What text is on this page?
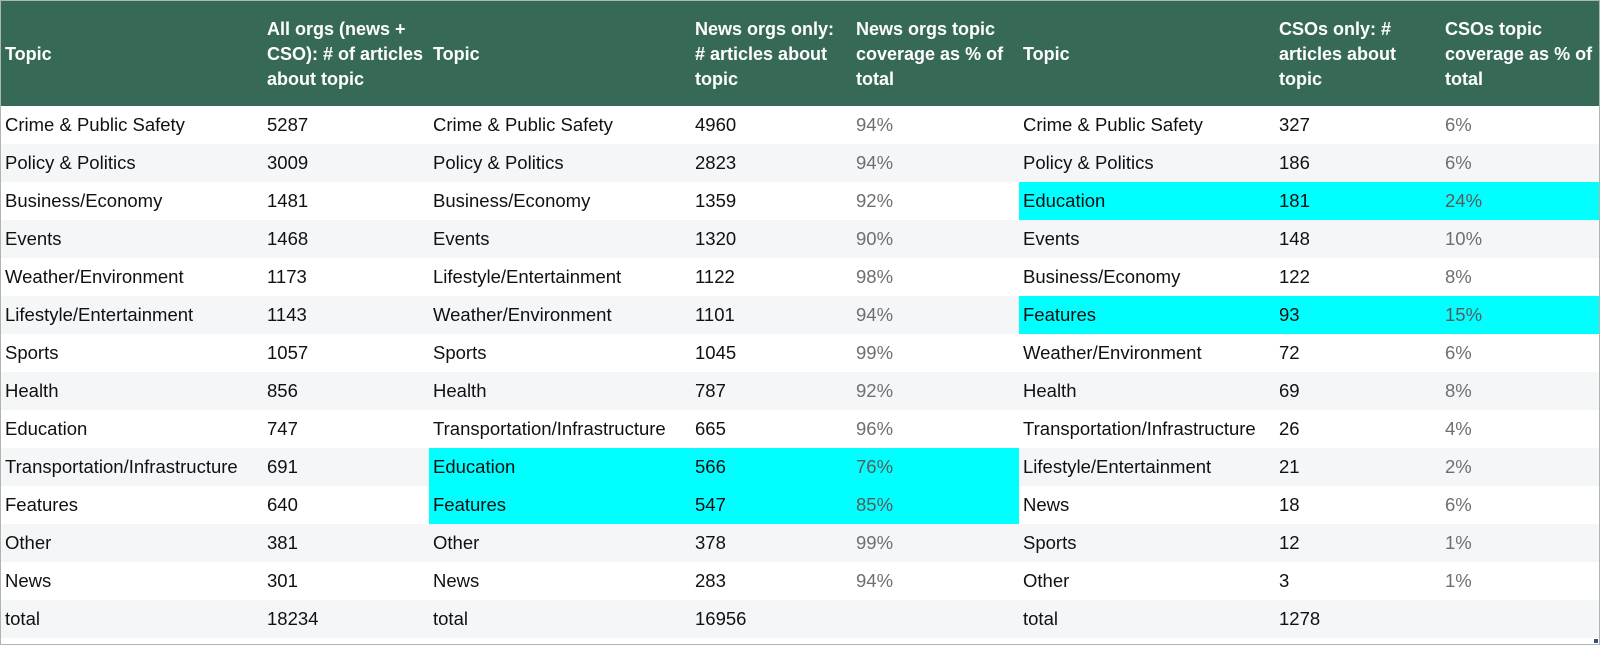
Topic	All orgs (news + CSO): # of articles about topic	Topic	News orgs only: # articles about topic	News orgs topic coverage as % of total	Topic	CSOs only: # articles about topic	CSOs topic coverage as % of total
Crime & Public Safety	5287	Crime & Public Safety	4960	94%	Crime & Public Safety	327	6%
Policy & Politics	3009	Policy & Politics	2823	94%	Policy & Politics	186	6%
Business/Economy	1481	Business/Economy	1359	92%	Education	181	24%
Events	1468	Events	1320	90%	Events	148	10%
Weather/Environment	1173	Lifestyle/Entertainment	1122	98%	Business/Economy	122	8%
Lifestyle/Entertainment	1143	Weather/Environment	1101	94%	Features	93	15%
Sports	1057	Sports	1045	99%	Weather/Environment	72	6%
Health	856	Health	787	92%	Health	69	8%
Education	747	Transportation/Infrastructure	665	96%	Transportation/Infrastructure	26	4%
Transportation/Infrastructure	691	Education	566	76%	Lifestyle/Entertainment	21	2%
Features	640	Features	547	85%	News	18	6%
Other	381	Other	378	99%	Sports	12	1%
News	301	News	283	94%	Other	3	1%
total	18234	total	16956		total	1278	
